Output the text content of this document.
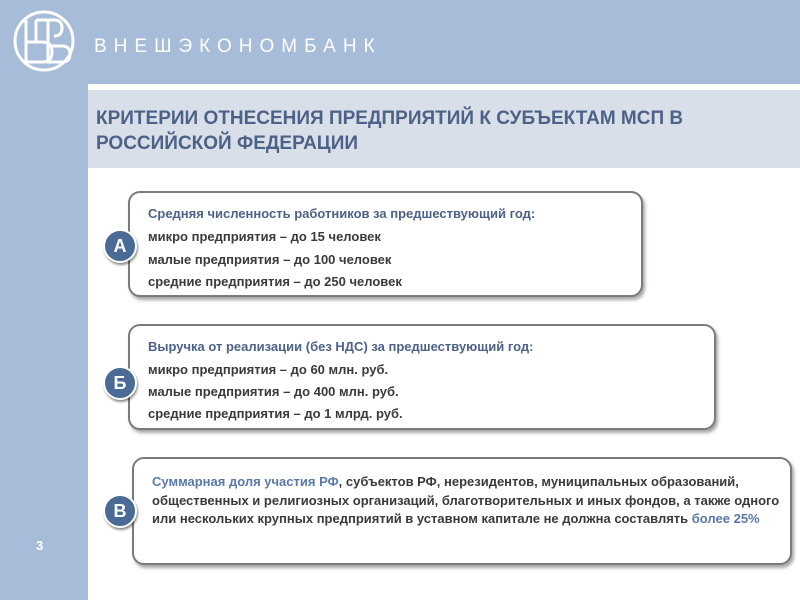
ВНЕШЭКОНОМБАНК
КРИТЕРИИ ОТНЕСЕНИЯ ПРЕДПРИЯТИЙ К СУБЪЕКТАМ МСП В РОССИЙСКОЙ ФЕДЕРАЦИИ
3
Средняя численность работников за предшествующий год:
микро предприятия – до 15 человек
малые предприятия – до 100 человек
средние предприятия – до 250 человек
А
Выручка от реализации (без НДС) за предшествующий год:
микро предприятия – до 60 млн. руб.
малые предприятия – до 400 млн. руб.
средние предприятия – до 1 млрд. руб.
Б
Суммарная доля участия РФ, субъектов РФ, нерезидентов, муниципальных образований, общественных и религиозных организаций, благотворительных и иных фондов, а также одного или нескольких крупных предприятий в уставном капитале не должна составлять более 25%
В
